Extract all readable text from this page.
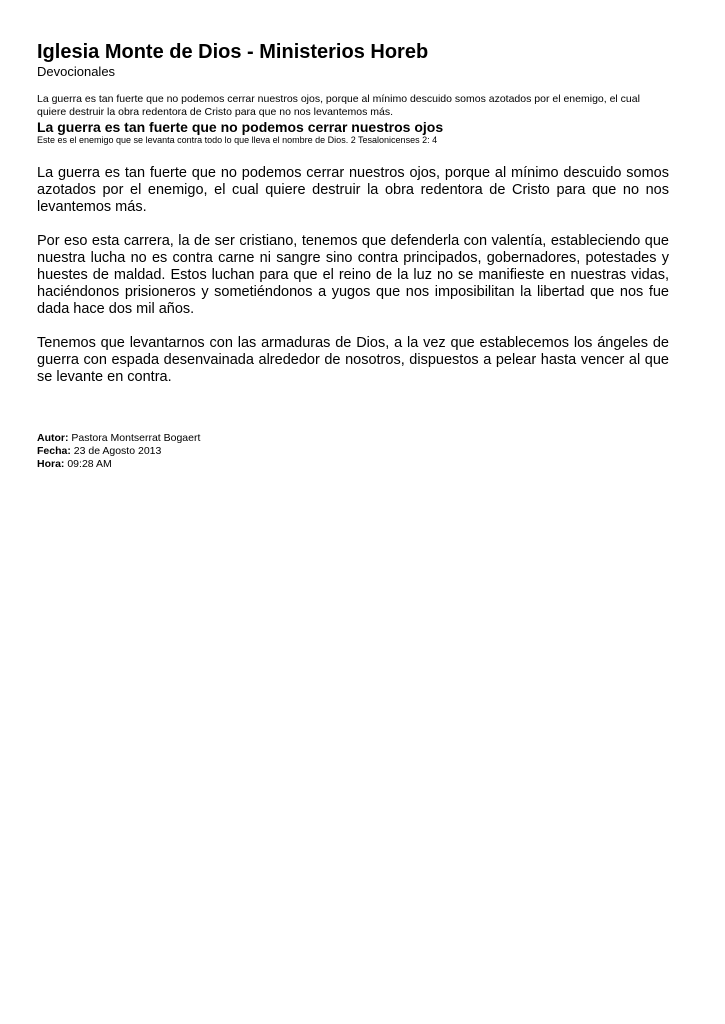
Iglesia Monte de Dios - Ministerios Horeb
Devocionales
La guerra es tan fuerte que no podemos cerrar nuestros ojos, porque al mínimo descuido somos azotados por el enemigo, el cual quiere destruir la obra redentora de Cristo para que no nos levantemos más.
La guerra es tan fuerte que no podemos cerrar nuestros ojos
Este es el enemigo que se levanta contra todo lo que lleva el nombre de Dios. 2 Tesalonicenses 2: 4

La guerra es tan fuerte que no podemos cerrar nuestros ojos, porque al mínimo descuido somos azotados por el enemigo, el cual quiere destruir la obra redentora de Cristo para que no nos levantemos más.

Por eso esta carrera, la de ser cristiano, tenemos que defenderla con valentía, estableciendo que nuestra lucha no es contra carne ni sangre sino contra principados, gobernadores, potestades y huestes de maldad. Estos luchan para que el reino de la luz no se manifieste en nuestras vidas, haciéndonos prisioneros y sometiéndonos a yugos que nos imposibilitan la libertad que nos fue dada hace dos mil años.

Tenemos que levantarnos con las armaduras de Dios, a la vez que establecemos los ángeles de guerra con espada desenvainada alrededor de nosotros, dispuestos a pelear hasta vencer al que se levante en contra.

Autor: Pastora Montserrat Bogaert
Fecha: 23 de Agosto 2013
Hora: 09:28 AM
